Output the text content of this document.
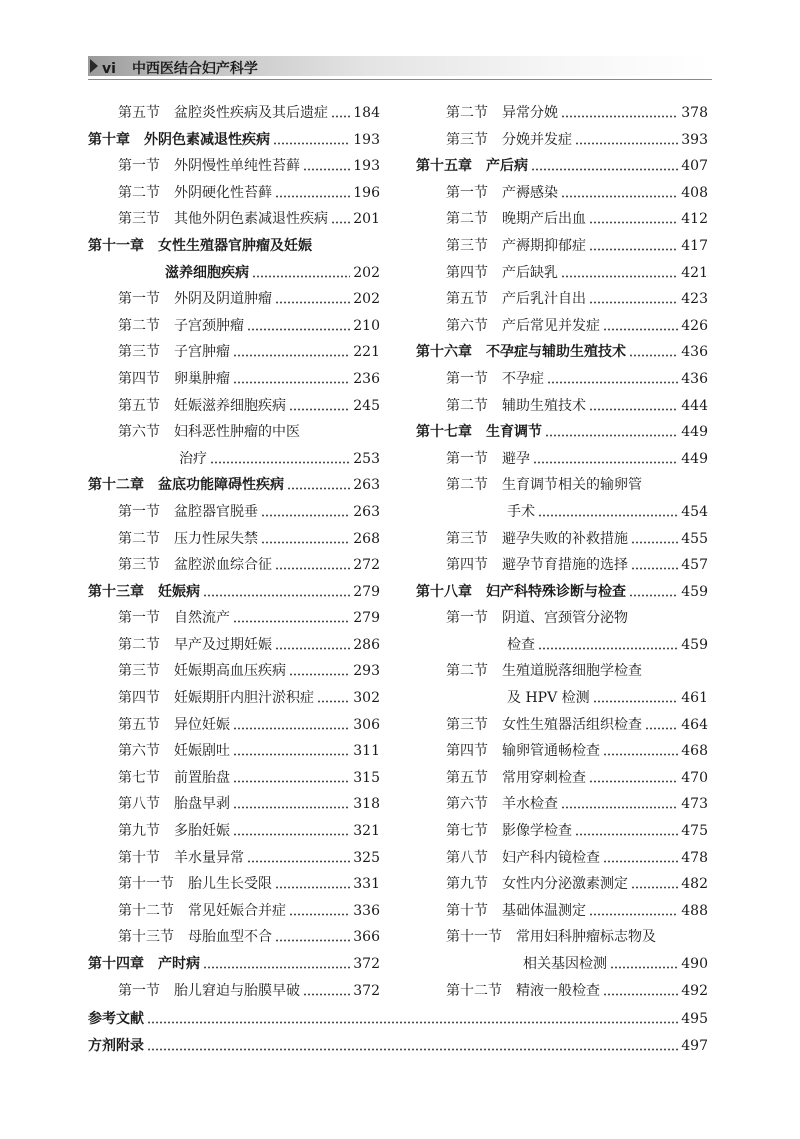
vi 中西医结合妇产科学
第五节 盆腔炎性疾病及其后遗症 184
第十章 外阴色素减退性疾病	193
第一节 外阴慢性单纯性苔藓	193
第二节 外阴硬化性苔藓	196
第三节 其他外阴色素减退性疾病 201
第十一章 女性生殖器官肿瘤及妊娠
滋养细胞疾病	202
第一节 外阴及阴道肿瘤	202
第二节 子宫颈肿瘤	210
第三节 子宫肿瘤	221
第四节 卵巢肿瘤	236
第五节 妊娠滋养细胞疾病	245
第六节 妇科恶性肿瘤的中医
治疗	253
第十二章 盆底功能障碍性疾病	263
第一节 盆腔器官脱垂	263
第二节 压力性尿失禁	268
第三节 盆腔淤血综合征	272
第十三章 妊娠病	279
第一节 自然流产	279
第二节 早产及过期妊娠	286
第三节 妊娠期高血压疾病	293
第四节 妊娠期肝内胆汁淤积症	302
第五节 异位妊娠	306
第六节 妊娠剧吐	311
第七节 前置胎盘	315
第八节 胎盘早剥	318
第九节 多胎妊娠	321
第十节 羊水量异常	325
第十一节 胎儿生长受限	331
第十二节 常见妊娠合并症	336
第十三节 母胎血型不合	366
第十四章 产时病	372
第一节 胎儿窘迫与胎膜早破	372
第二节 异常分娩	378
第三节 分娩并发症	393
第十五章 产后病	407
第一节 产褥感染	408
第二节 晚期产后出血	412
第三节 产褥期抑郁症	417
第四节 产后缺乳	421
第五节 产后乳汁自出	423
第六节 产后常见并发症	426
第十六章 不孕症与辅助生殖技术	436
第一节 不孕症	436
第二节 辅助生殖技术	444
第十七章 生育调节	449
第一节 避孕	449
第二节 生育调节相关的输卵管
手术	454
第三节 避孕失败的补救措施	455
第四节 避孕节育措施的选择	457
第十八章 妇产科特殊诊断与检查	459
第一节 阴道、宫颈管分泌物
检查	459
第二节 生殖道脱落细胞学检查
及 HPV 检测	461
第三节 女性生殖器活组织检查	464
第四节 输卵管通畅检查	468
第五节 常用穿刺检查	470
第六节 羊水检查	473
第七节 影像学检查	475
第八节 妇产科内镜检查	478
第九节 女性内分泌激素测定	482
第十节 基础体温测定	488
第十一节 常用妇科肿瘤标志物及
相关基因检测	490
第十二节 精液一般检查	492
参考文献	495
方剂附录	497
